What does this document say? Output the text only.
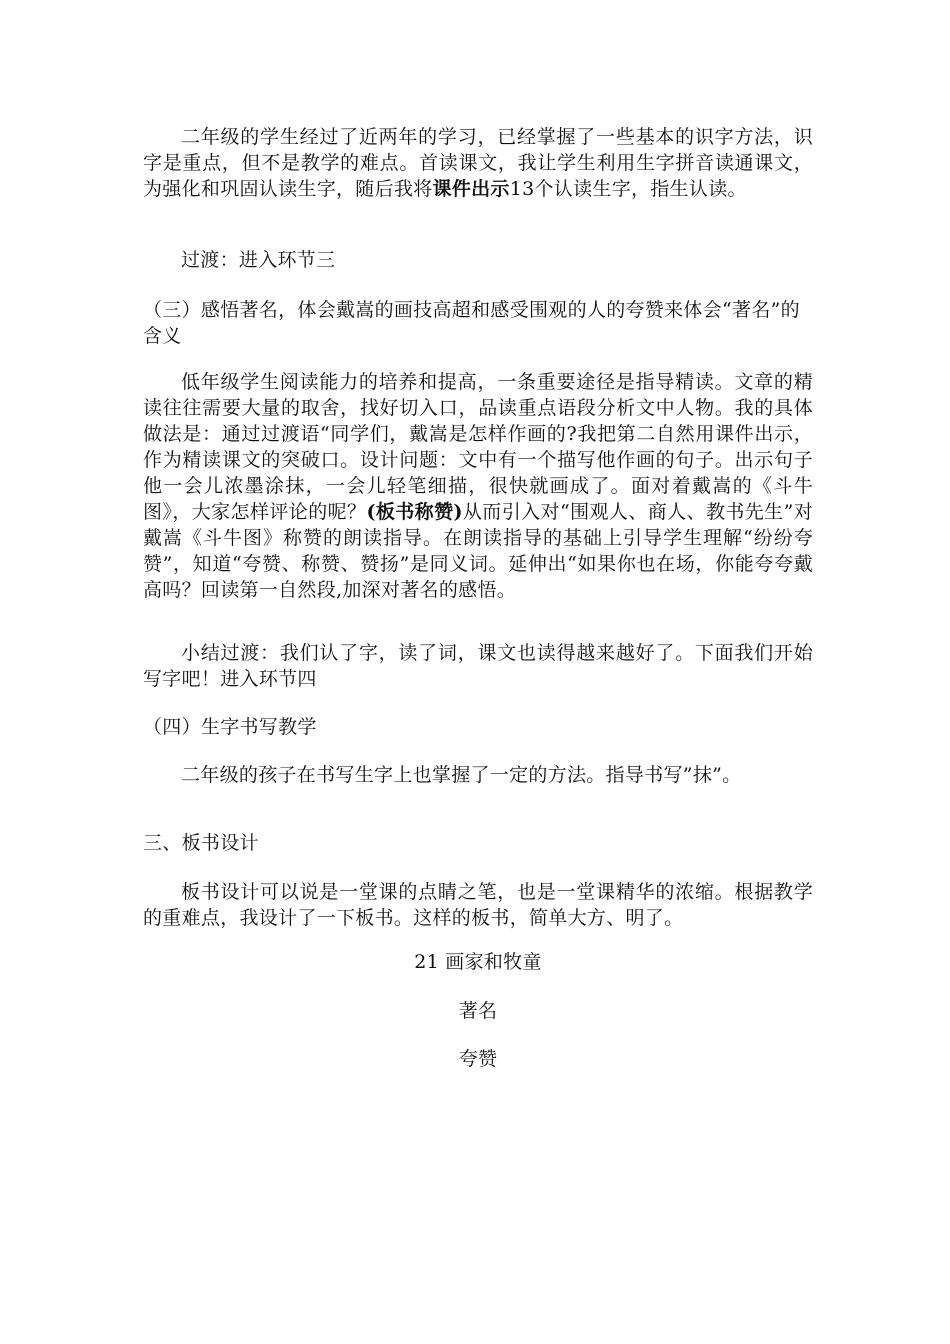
二年级的学生经过了近两年的学习，已经掌握了一些基本的识字方法，识字是重点，但不是教学的难点。首读课文，我让学生利用生字拼音读通课文，为强化和巩固认读生字，随后我将课件出示13个认读生字，指生认读。

过渡：进入环节三

（三）感悟著名，体会戴嵩的画技高超和感受围观的人的夸赞来体会“著名”的含义

低年级学生阅读能力的培养和提高，一条重要途径是指导精读。文章的精读往往需要大量的取舍，找好切入口，品读重点语段分析文中人物。我的具体做法是：通过过渡语“同学们，戴嵩是怎样作画的?我把第二自然用课件出示，作为精读课文的突破口。设计问题：文中有一个描写他作画的句子。出示句子他一会儿浓墨涂抹，一会儿轻笔细描，很快就画成了。面对着戴嵩的《斗牛图》，大家怎样评论的呢？(板书称赞)从而引入对“围观人、商人、教书先生”对戴嵩《斗牛图》称赞的朗读指导。在朗读指导的基础上引导学生理解“纷纷夸赞”，知道“夸赞、称赞、赞扬”是同义词。延伸出“如果你也在场，你能夸夸戴高吗？回读第一自然段,加深对著名的感悟。

小结过渡：我们认了字，读了词，课文也读得越来越好了。下面我们开始写字吧！进入环节四

（四）生字书写教学

二年级的孩子在书写生字上也掌握了一定的方法。指导书写”抹”。

三、板书设计

板书设计可以说是一堂课的点睛之笔，也是一堂课精华的浓缩。根据教学的重难点，我设计了一下板书。这样的板书，简单大方、明了。

21 画家和牧童

著名

夸赞
